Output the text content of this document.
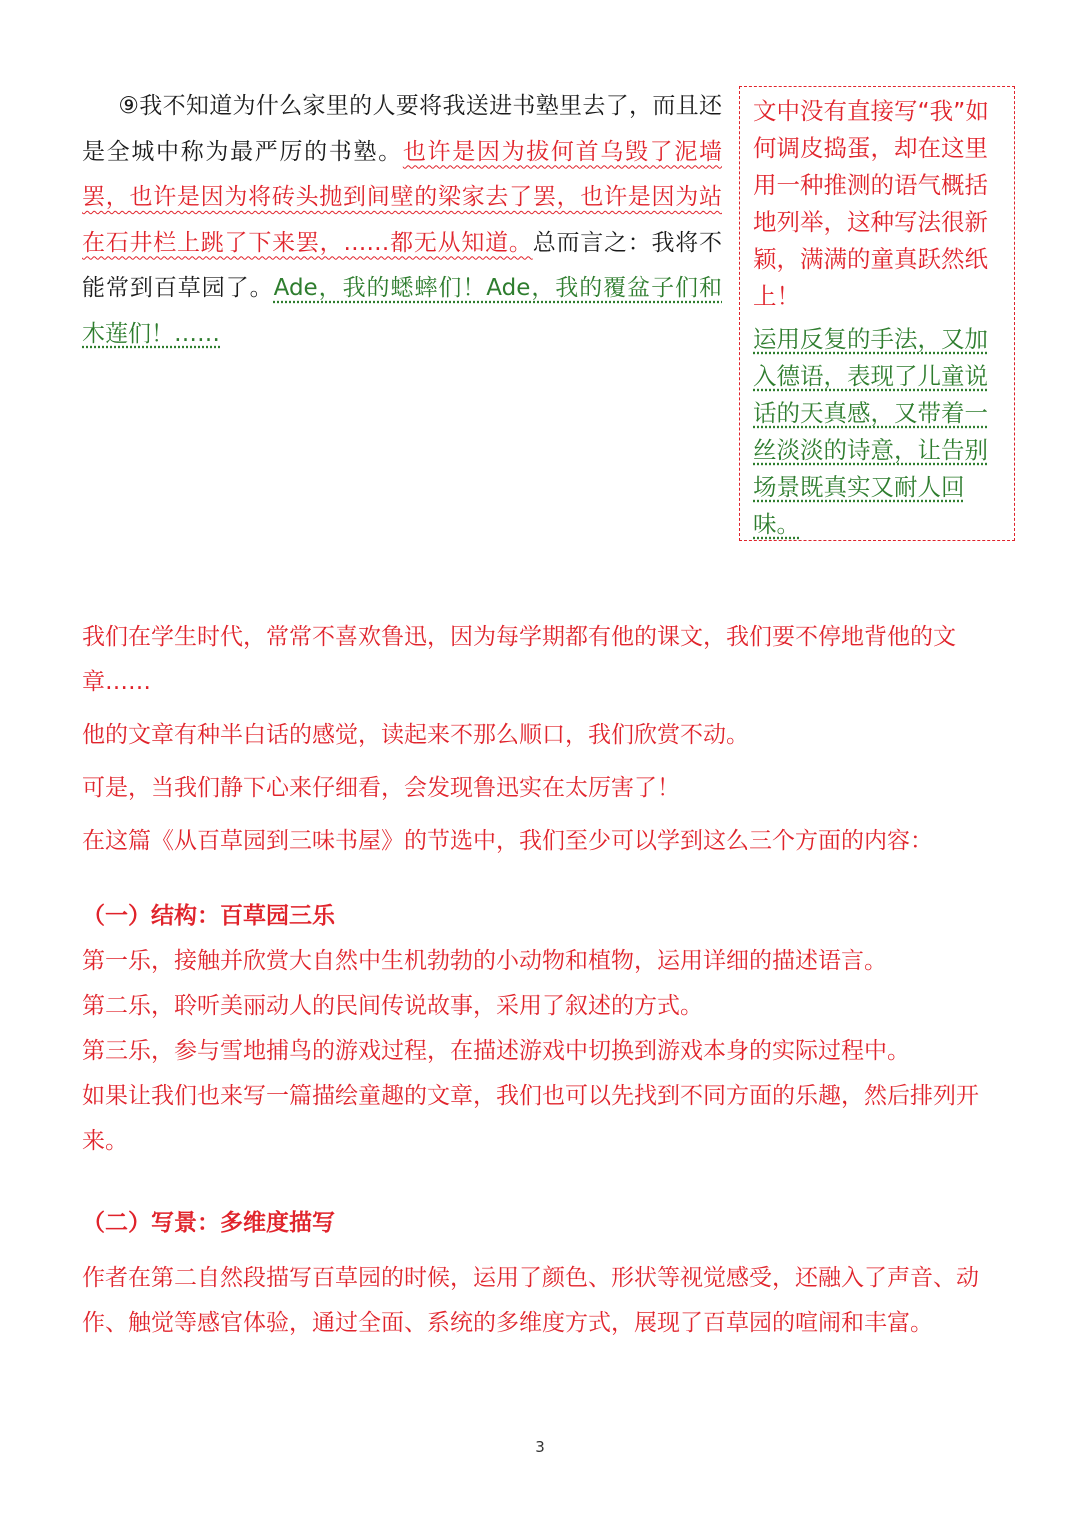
⑨我不知道为什么家里的人要将我送进书塾里去了，而且还是全城中称为最严厉的书塾。也许是因为拔何首乌毁了泥墙罢，也许是因为将砖头抛到间壁的梁家去了罢，也许是因为站在石井栏上跳了下来罢，……都无从知道。总而言之：我将不能常到百草园了。Ade，我的蟋蟀们！Ade，我的覆盆子们和木莲们！……

文中没有直接写“我”如何调皮捣蛋，却在这里用一种推测的语气概括地列举，这种写法很新颖，满满的童真跃然纸上！

运用反复的手法，又加入德语，表现了儿童说话的天真感，又带着一丝淡淡的诗意，让告别场景既真实又耐人回味。

我们在学生时代，常常不喜欢鲁迅，因为每学期都有他的课文，我们要不停地背他的文章……

他的文章有种半白话的感觉，读起来不那么顺口，我们欣赏不动。

可是，当我们静下心来仔细看，会发现鲁迅实在太厉害了！

在这篇《从百草园到三味书屋》的节选中，我们至少可以学到这么三个方面的内容：

（一）结构：百草园三乐

第一乐，接触并欣赏大自然中生机勃勃的小动物和植物，运用详细的描述语言。

第二乐，聆听美丽动人的民间传说故事，采用了叙述的方式。

第三乐，参与雪地捕鸟的游戏过程，在描述游戏中切换到游戏本身的实际过程中。

如果让我们也来写一篇描绘童趣的文章，我们也可以先找到不同方面的乐趣，然后排列开来。

（二）写景：多维度描写

作者在第二自然段描写百草园的时候，运用了颜色、形状等视觉感受，还融入了声音、动作、触觉等感官体验，通过全面、系统的多维度方式，展现了百草园的喧闹和丰富。

3
